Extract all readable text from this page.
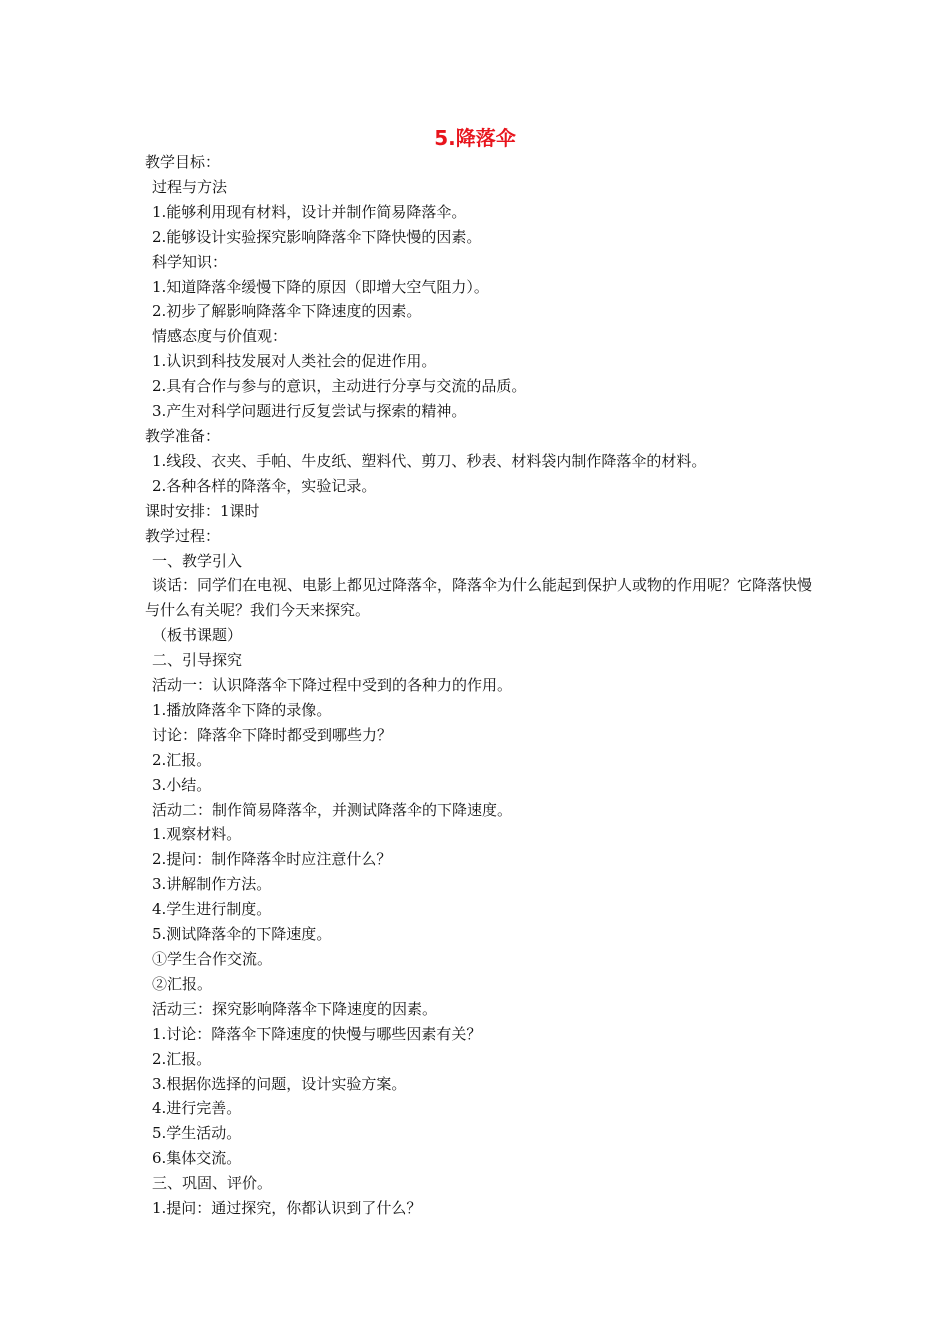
5.降落伞
教学目标：
过程与方法
1.能够利用现有材料，设计并制作简易降落伞。
2.能够设计实验探究影响降落伞下降快慢的因素。
科学知识：
1.知道降落伞缓慢下降的原因（即增大空气阻力）。
2.初步了解影响降落伞下降速度的因素。
情感态度与价值观：
1.认识到科技发展对人类社会的促进作用。
2.具有合作与参与的意识，主动进行分享与交流的品质。
3.产生对科学问题进行反复尝试与探索的精神。
教学准备：
1.线段、衣夹、手帕、牛皮纸、塑料代、剪刀、秒表、材料袋内制作降落伞的材料。
2.各种各样的降落伞，实验记录。
课时安排：1课时
教学过程：
一、教学引入
谈话：同学们在电视、电影上都见过降落伞，降落伞为什么能起到保护人或物的作用呢？它降落快慢与什么有关呢？我们今天来探究。
（板书课题）
二、引导探究
活动一：认识降落伞下降过程中受到的各种力的作用。
1.播放降落伞下降的录像。
讨论：降落伞下降时都受到哪些力？
2.汇报。
3.小结。
活动二：制作简易降落伞，并测试降落伞的下降速度。
1.观察材料。
2.提问：制作降落伞时应注意什么？
3.讲解制作方法。
4.学生进行制度。
5.测试降落伞的下降速度。
①学生合作交流。
②汇报。
活动三：探究影响降落伞下降速度的因素。
1.讨论：降落伞下降速度的快慢与哪些因素有关？
2.汇报。
3.根据你选择的问题，设计实验方案。
4.进行完善。
5.学生活动。
6.集体交流。
三、巩固、评价。
1.提问：通过探究，你都认识到了什么？
